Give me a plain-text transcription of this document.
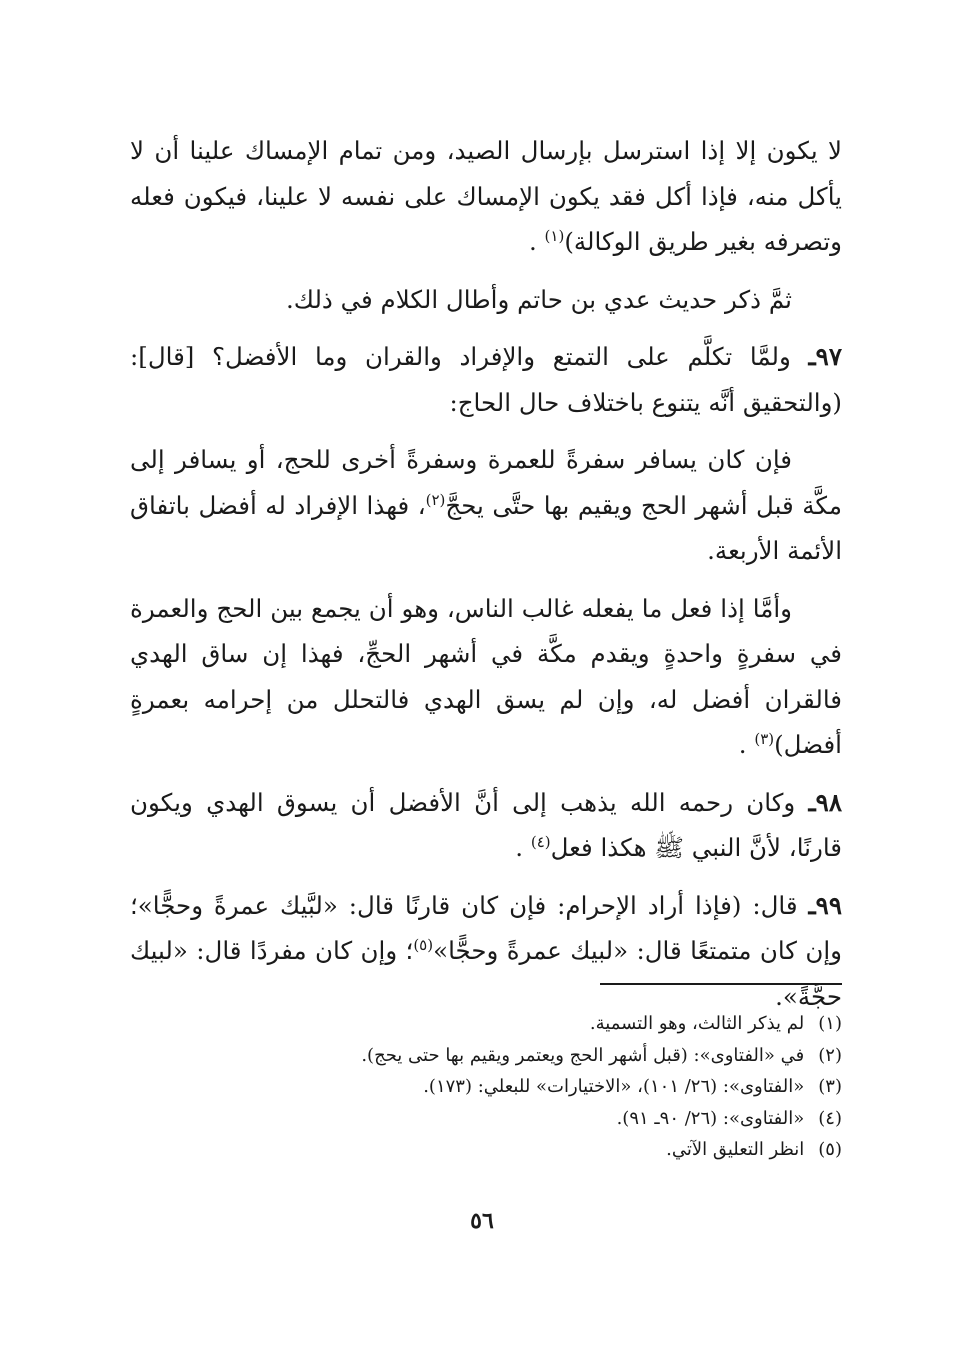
لا يكون إلا إذا استرسل بإرسال الصيد، ومن تمام الإمساك علينا أن لا يأكل منه، فإذا أكل فقد يكون الإمساك على نفسه لا علينا، فيكون فعله وتصرفه بغير طريق الوكالة)$^{(١)}$ .

ثمَّ ذكر حديث عدي بن حاتم وأطال الكلام في ذلك.

٩٧ـ ولمَّا تكلَّم على التمتع والإفراد والقران وما الأفضل؟ [قال]: (والتحقيق أنَّه يتنوع باختلاف حال الحاج:

فإن كان يسافر سفرةً للعمرة وسفرةً أخرى للحج، أو يسافر إلى مكَّة قبل أشهر الحج ويقيم بها حتَّى يحجَّ$^{(٢)}$، فهذا الإفراد له أفضل باتفاق الأئمة الأربعة.

وأمَّا إذا فعل ما يفعله غالب الناس، وهو أن يجمع بين الحج والعمرة في سفرةٍ واحدةٍ ويقدم مكَّة في أشهر الحجِّ، فهذا إن ساق الهدي فالقران أفضل له، وإن لم يسق الهدي فالتحلل من إحرامه بعمرةٍ أفضل)$^{(٣)}$ .

٩٨ـ وكان رحمه الله يذهب إلى أنَّ الأفضل أن يسوق الهدي ويكون قارنًا، لأنَّ النبي ﷺ هكذا فعل$^{(٤)}$ .

٩٩ـ قال: (فإذا أراد الإحرام: فإن كان قارنًا قال: «لبَّيك عمرةً وحجًّا»؛ وإن كان متمتعًا قال: «لبيك عمرةً وحجًّا»$^{(٥)}$؛ وإن كان مفردًا قال: «لبيك حجَّةً».

(١)لم يذكر الثالث، وهو التسمية.
(٢)في «الفتاوى»: (قبل أشهر الحج ويعتمر ويقيم بها حتى يحج).
(٣)«الفتاوى»: (٢٦/ ١٠١)، «الاختيارات» للبعلي: (١٧٣).
(٤)«الفتاوى»: (٢٦/ ٩٠ـ ٩١).
(٥)انظر التعليق الآتي.
٥٦
